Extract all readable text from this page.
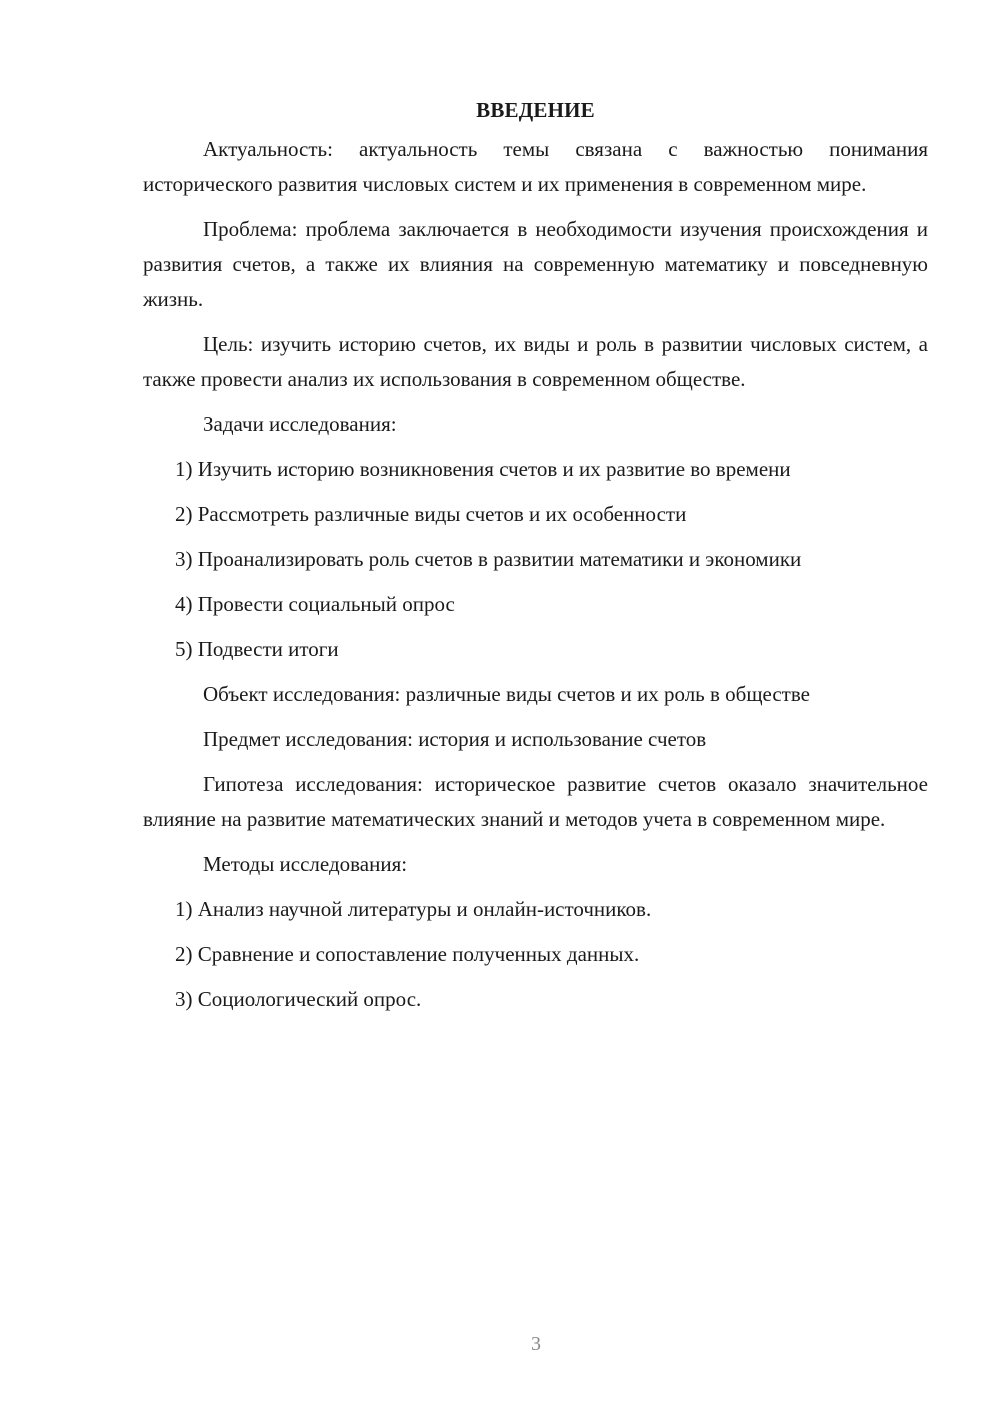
ВВЕДЕНИЕ

Актуальность: актуальность темы связана с важностью понимания исторического развития числовых систем и их применения в современном мире.

Проблема: проблема заключается в необходимости изучения происхождения и развития счетов, а также их влияния на современную математику и повседневную жизнь.

Цель: изучить историю счетов, их виды и роль в развитии числовых систем, а также провести анализ их использования в современном обществе.

Задачи исследования:
1) Изучить историю возникновения счетов и их развитие во времени
2) Рассмотреть различные виды счетов и их особенности
3) Проанализировать роль счетов в развитии математики и экономики
4) Провести социальный опрос
5) Подвести итоги
Объект исследования: различные виды счетов и их роль в обществе
Предмет исследования: история и использование счетов

Гипотеза исследования: историческое развитие счетов оказало значительное влияние на развитие математических знаний и методов учета в современном мире.

Методы исследования:
1) Анализ научной литературы и онлайн-источников.
2) Сравнение и сопоставление полученных данных.
3) Социологический опрос.
3
